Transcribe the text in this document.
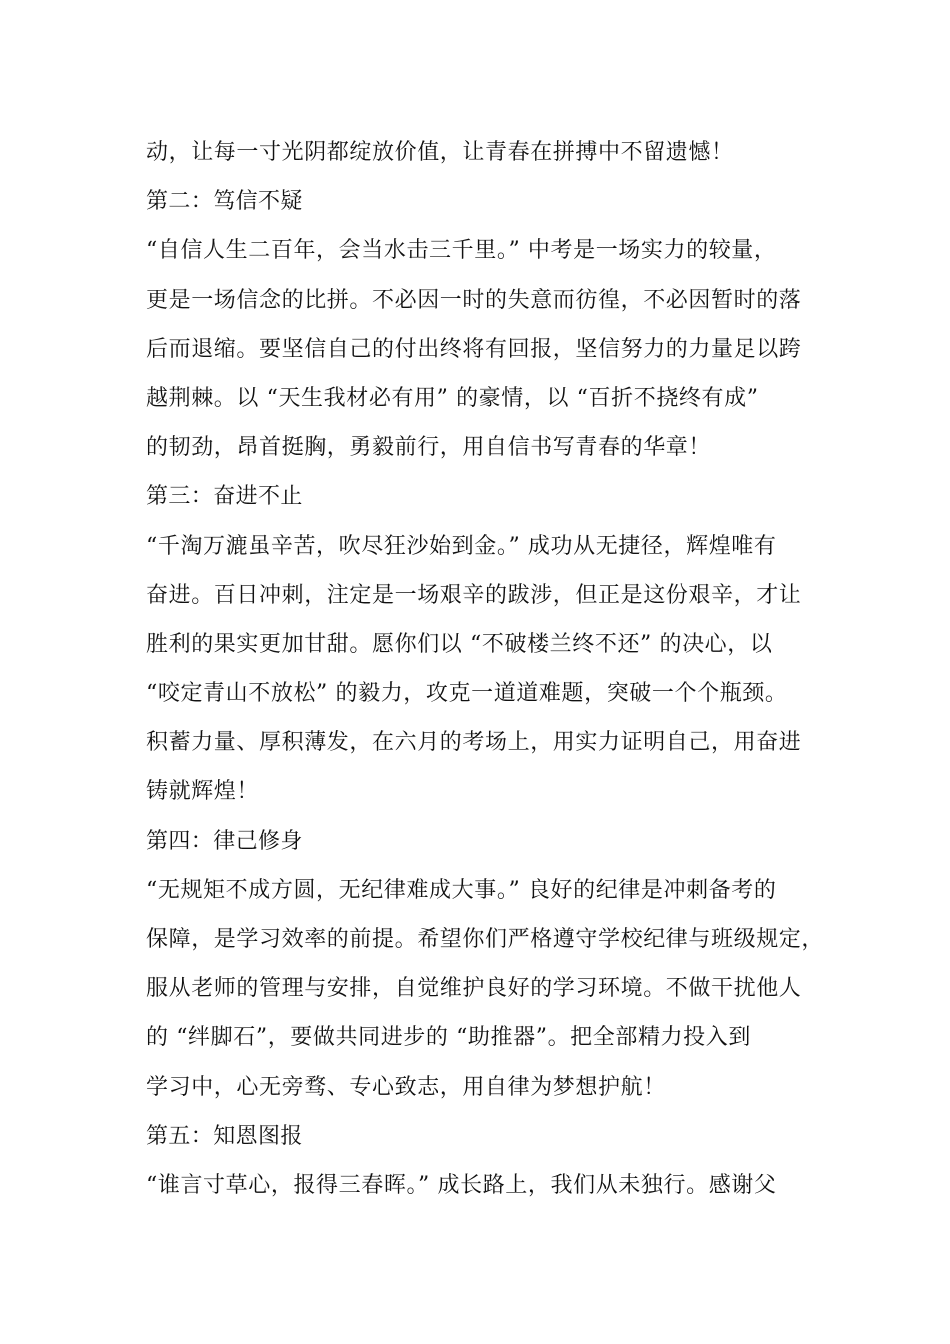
动，让每一寸光阴都绽放价值，让青春在拼搏中不留遗憾！
第二：笃信不疑
“自信人生二百年，会当水击三千里。” 中考是一场实力的较量，
更是一场信念的比拼。不必因一时的失意而彷徨，不必因暂时的落
后而退缩。要坚信自己的付出终将有回报，坚信努力的力量足以跨
越荆棘。以 “天生我材必有用” 的豪情，以 “百折不挠终有成”
的韧劲，昂首挺胸，勇毅前行，用自信书写青春的华章！
第三：奋进不止
“千淘万漉虽辛苦，吹尽狂沙始到金。” 成功从无捷径，辉煌唯有
奋进。百日冲刺，注定是一场艰辛的跋涉，但正是这份艰辛，才让
胜利的果实更加甘甜。愿你们以 “不破楼兰终不还” 的决心，以
“咬定青山不放松” 的毅力，攻克一道道难题，突破一个个瓶颈。
积蓄力量、厚积薄发，在六月的考场上，用实力证明自己，用奋进
铸就辉煌！
第四：律己修身
“无规矩不成方圆，无纪律难成大事。” 良好的纪律是冲刺备考的
保障，是学习效率的前提。希望你们严格遵守学校纪律与班级规定，
服从老师的管理与安排，自觉维护良好的学习环境。不做干扰他人
的 “绊脚石”，要做共同进步的 “助推器”。把全部精力投入到
学习中，心无旁骛、专心致志，用自律为梦想护航！
第五：知恩图报
“谁言寸草心，报得三春晖。” 成长路上，我们从未独行。感谢父
